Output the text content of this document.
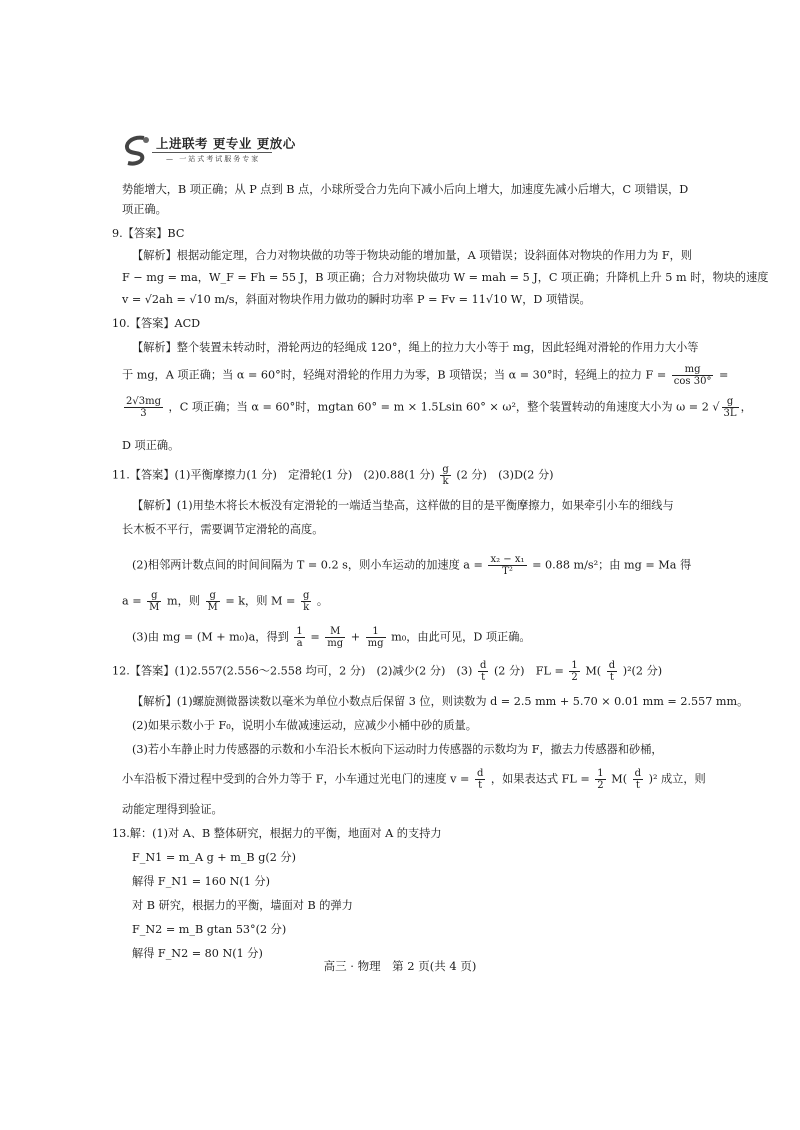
上进联考 更专业 更放心
— 一站式考试服务专家
势能增大，B 项正确；从 P 点到 B 点，小球所受合力先向下减小后向上增大，加速度先减小后增大，C 项错误，D
项正确。
9.【答案】BC
【解析】根据动能定理，合力对物块做的功等于物块动能的增加量，A 项错误；设斜面体对物块的作用力为 F，则
F − mg = ma，W_F = Fh = 55 J，B 项正确；合力对物块做功 W = mah = 5 J，C 项正确；升降机上升 5 m 时，物块的速度
v = √2ah = √10 m/s，斜面对物块作用力做功的瞬时功率 P = Fv = 11√10 W，D 项错误。
10.【答案】ACD
【解析】整个装置未转动时，滑轮两边的轻绳成 120°，绳上的拉力大小等于 mg，因此轻绳对滑轮的作用力大小等
于 mg，A 项正确；当 α = 60°时，轻绳对滑轮的作用力为零，B 项错误；当 α = 30°时，轻绳上的拉力 $F = \frac{mg}{\cos 30^\circ}$ =
$\frac{2√3mg}{3}$ ，C 项正确；当 α = 60°时，mgtan 60° = m × 1.5Lsin 60° × ω²，整个装置转动的角速度大小为 ω = 2 √ $\frac{g}{3L}$ ，
D 项正确。
11.【答案】(1)平衡摩擦力(1 分)　定滑轮(1 分)　(2)0.88(1 分) $\frac{g}{k} (2$ 分)　(3)D(2 分)
【解析】(1)用垫木将长木板没有定滑轮的一端适当垫高，这样做的目的是平衡摩擦力，如果牵引小车的细线与
长木板不平行，需要调节定滑轮的高度。
(2)相邻两计数点间的时间间隔为 T = 0.2 s，则小车运动的加速度 $a = \frac{\text{x₂ − x₁}}{\text{T²}} = 0.88$ m/s²；由 mg = Ma 得
$a = \frac{g}{M}$ m，则 $\frac{g}{M} = k$，则 $M = \frac{g}{k}$ 。
(3)由 mg = (M + m₀)a，得到 $\frac{1}{a} = \frac{M}{mg} + \frac{1}{mg} m_0$，由此可见，D 项正确。
12.【答案】(1)2.557(2.556～2.558 均可，2 分)　(2)减少(2 分)　$(3) \frac{d}{t} (2$ 分)　FL = $\frac{1}{2} M( \frac{d}{t} )^2(2$ 分)
【解析】(1)螺旋测微器读数以毫米为单位小数点后保留 3 位，则读数为 d = 2.5 mm + 5.70 × 0.01 mm = 2.557 mm。
(2)如果示数小于 F₀，说明小车做减速运动，应减少小桶中砂的质量。
(3)若小车静止时力传感器的示数和小车沿长木板向下运动时力传感器的示数均为 F，撤去力传感器和砂桶，
小车沿板下滑过程中受到的合外力等于 F，小车通过光电门的速度 $v = \frac{d}{t}$ ，如果表达式 FL = $\frac{1}{2} M( \frac{d}{t} )^2$ 成立，则
动能定理得到验证。
13.解：(1)对 A、B 整体研究，根据力的平衡，地面对 A 的支持力
F_N1 = m_A g + m_B g(2 分)
解得 F_N1 = 160 N(1 分)
对 B 研究，根据力的平衡，墙面对 B 的弹力
F_N2 = m_B gtan 53°(2 分)
解得 F_N2 = 80 N(1 分)
高三 · 物理　第 2 页(共 4 页)
